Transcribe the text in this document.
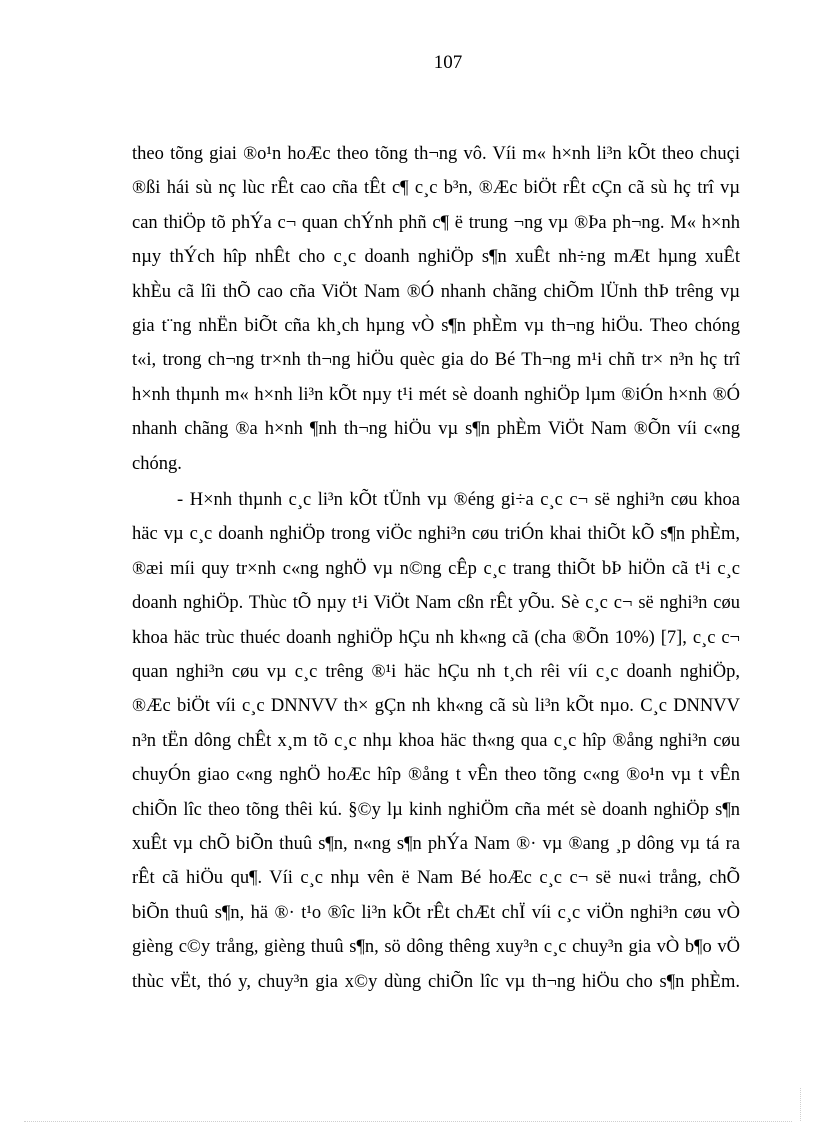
107
theo tõng giai ®o¹n hoÆc theo tõng th¬ng vô. Víi m« h×nh li³n kÕt theo chuçi
®ßi hái sù nç lùc rÊt cao cña tÊt c¶ c¸c b³n, ®Æc biÖt rÊt cÇn cã sù hç trî vµ
can thiÖp tõ phÝa c¬ quan chÝnh phñ c¶ ë trung ¬ng vµ ®Þa ph¬ng. M« h×nh
nµy thÝch hîp nhÊt cho c¸c doanh nghiÖp s¶n xuÊt nh÷ng mÆt hµng xuÊt
khÈu cã lîi thÕ cao cña ViÖt Nam ®Ó nhanh chãng chiÕm lÜnh thÞ trêng vµ
gia t¨ng nhËn biÕt cña kh¸ch hµng vÒ s¶n phÈm vµ th¬ng hiÖu. Theo chóng
t«i, trong ch¬ng tr×nh th¬ng hiÖu quèc gia do Bé Th¬ng m¹i chñ tr× n³n hç trî
h×nh thµnh m« h×nh li³n kÕt nµy t¹i mét sè doanh nghiÖp lµm ®iÓn h×nh ®Ó
nhanh chãng ®a h×nh ¶nh th¬ng hiÖu vµ s¶n phÈm ViÖt Nam ®Õn víi c«ng
chóng.
- H×nh thµnh c¸c li³n kÕt tÜnh vµ ®éng gi÷a c¸c c¬ së nghi³n cøu khoa
häc vµ c¸c doanh nghiÖp trong viÖc nghi³n cøu triÓn khai thiÕt kÕ s¶n phÈm,
®æi míi quy tr×nh c«ng nghÖ vµ n©ng cÊp c¸c trang thiÕt bÞ hiÖn cã t¹i c¸c
doanh nghiÖp. Thùc tÕ nµy t¹i ViÖt Nam cßn rÊt yÕu. Sè c¸c c¬ së nghi³n cøu
khoa häc trùc thuéc doanh nghiÖp hÇu nh kh«ng cã (cha ®Õn 10%) [7], c¸c c¬
quan nghi³n cøu vµ c¸c trêng ®¹i häc hÇu nh t¸ch rêi víi c¸c doanh nghiÖp,
®Æc biÖt víi c¸c DNNVV th× gÇn nh kh«ng cã sù li³n kÕt nµo. C¸c DNNVV
n³n tËn dông chÊt x¸m tõ c¸c nhµ khoa häc th«ng qua c¸c hîp ®ång nghi³n cøu
chuyÓn giao c«ng nghÖ hoÆc hîp ®ång t vÊn theo tõng c«ng ®o¹n vµ t vÊn
chiÕn lîc theo tõng thêi kú. §©y lµ kinh nghiÖm cña mét sè doanh nghiÖp s¶n
xuÊt vµ chÕ biÕn thuû s¶n, n«ng s¶n phÝa Nam ®· vµ ®ang ¸p dông vµ tá ra
rÊt cã hiÖu qu¶. Víi c¸c nhµ vên ë Nam Bé hoÆc c¸c c¬ së nu«i trång, chÕ
biÕn thuû s¶n, hä ®· t¹o ®îc li³n kÕt rÊt chÆt chÏ víi c¸c viÖn nghi³n cøu vÒ
gièng c©y trång, gièng thuû s¶n, sö dông thêng xuy³n c¸c chuy³n gia vÒ b¶o vÖ
thùc vËt, thó y, chuy³n gia x©y dùng chiÕn lîc vµ th¬ng hiÖu cho s¶n phÈm.
